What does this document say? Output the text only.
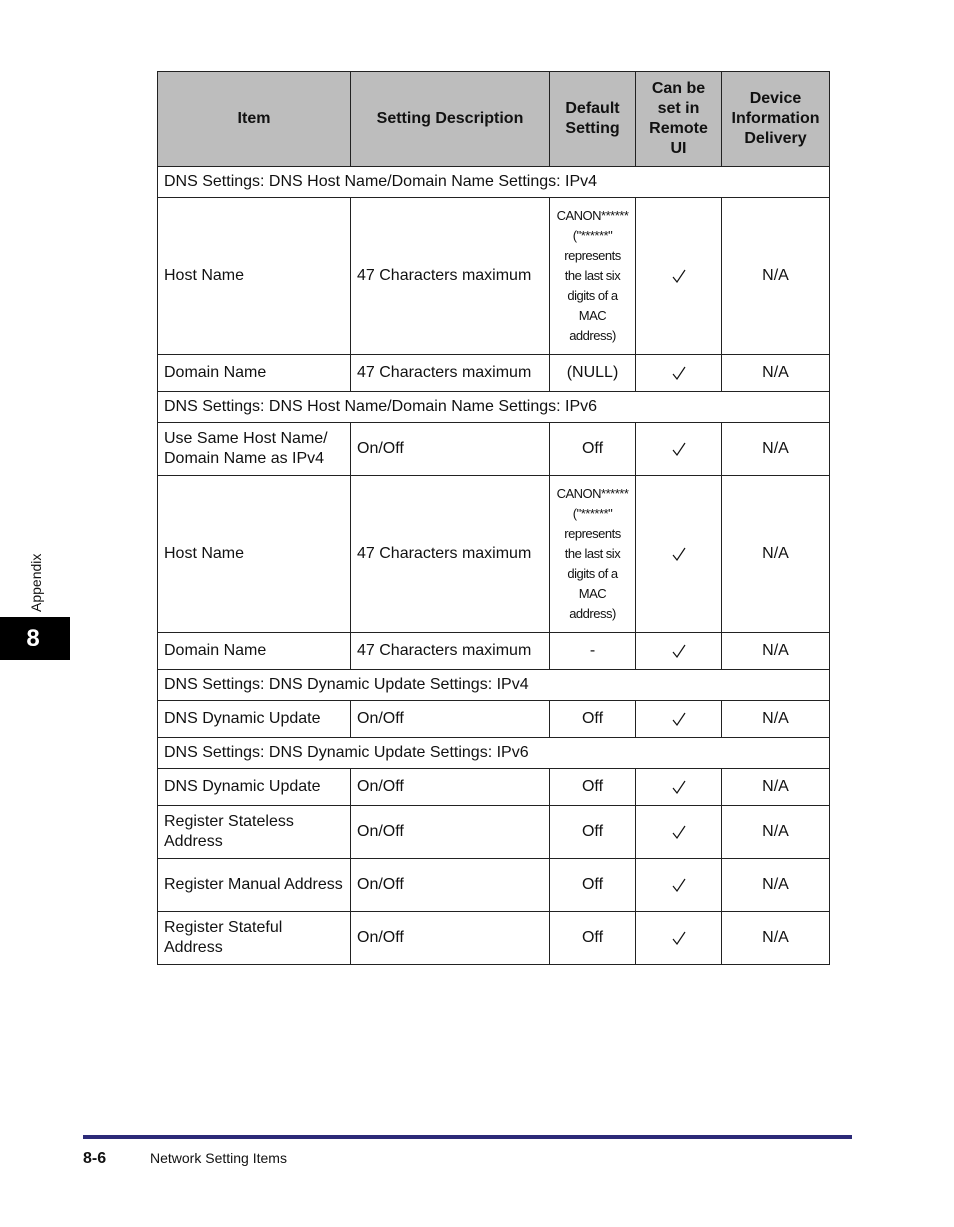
Item	Setting Description	Default Setting	Can be set in Remote UI	Device Information Delivery
DNS Settings: DNS Host Name/Domain Name Settings: IPv4				
Host Name	47 Characters maximum	CANON****** ("******" represents the last six digits of a MAC address)		N/A
Domain Name	47 Characters maximum	(NULL)		N/A
DNS Settings: DNS Host Name/Domain Name Settings: IPv6				
Use Same Host Name/ Domain Name as IPv4	On/Off	Off		N/A
Host Name	47 Characters maximum	CANON****** ("******" represents the last six digits of a MAC address)		N/A
Domain Name	47 Characters maximum	-		N/A
DNS Settings: DNS Dynamic Update Settings: IPv4				
DNS Dynamic Update	On/Off	Off		N/A
DNS Settings: DNS Dynamic Update Settings: IPv6				
DNS Dynamic Update	On/Off	Off		N/A
Register Stateless Address	On/Off	Off		N/A
Register Manual Address	On/Off	Off		N/A
Register Stateful Address	On/Off	Off		N/A
Appendix
8
8-6	Network Setting Items
